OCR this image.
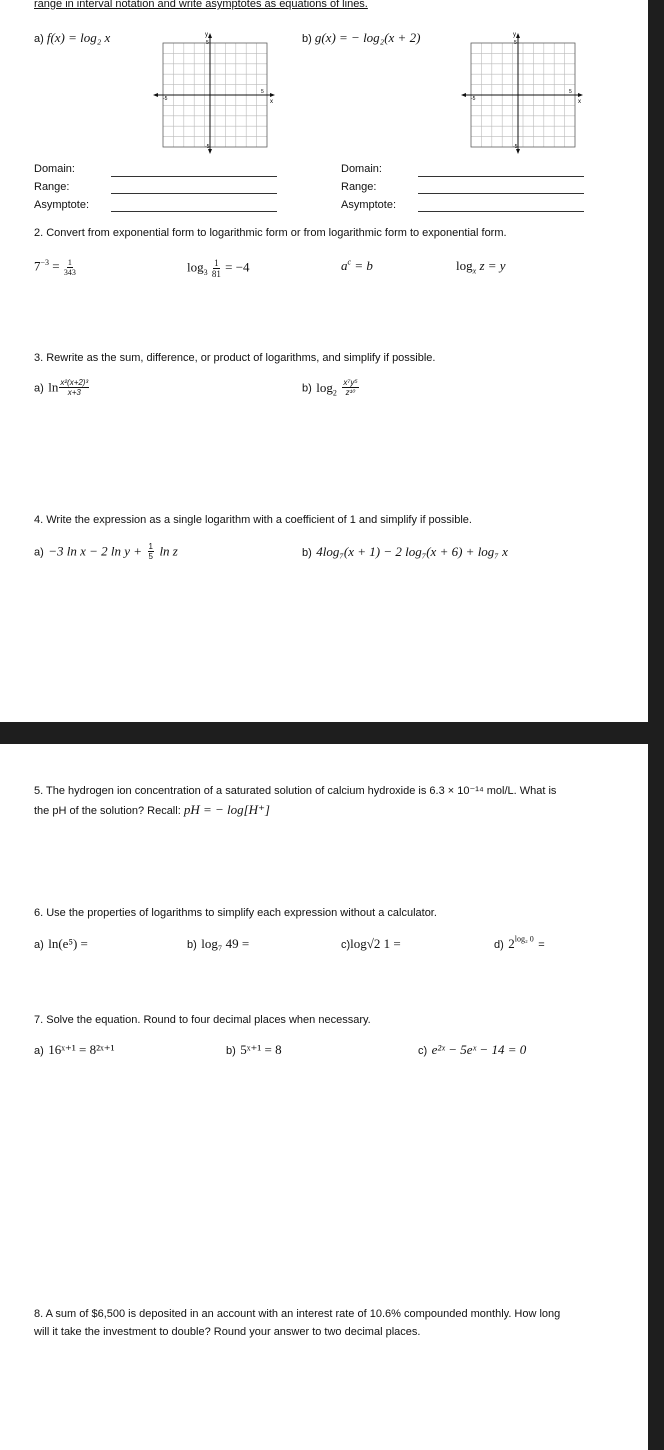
range in interval notation and write asymptotes as equations of lines.
a) f(x) = log₂ x	b) g(x) = − log₂(x + 2)
y
x
5
5
-5
-5
y
x
5
5
-5
-5
Domain:
Range:
Asymptote:
Domain:
Range:
Asymptote:
2. Convert from exponential form to logarithmic form or from logarithmic form to exponential form.
$7^{-3} = \frac{1}{343}$	$\log_3 \frac{1}{81} = -4$	$a^c = b$	$\log_x z = y$
3. Rewrite as the sum, difference, or product of logarithms, and simplify if possible.
a) $\ln \frac{\text{x²(x+2)³}}{x+3}$	b) $\log_2 \frac{\text{x⁷y⁵}}{\text{z¹⁰}}$
4. Write the expression as a single logarithm with a coefficient of 1 and simplify if possible.
a) −3 ln x − 2 $\ln y + \frac{1}{5}$ ln z	b) 4log₇(x + 1) − 2 log₇(x + 6) + log₇ x
5. The hydrogen ion concentration of a saturated solution of calcium hydroxide is 6.3 × 10⁻¹⁴ mol/L. What is
the pH of the solution? Recall: pH = − log[H⁺]
6. Use the properties of logarithms to simplify each expression without a calculator.
a) ln(e⁵) =	b) log₇ 49 =	c)log√2 1 =	d) $2^{log_2 0}$ =
7. Solve the equation. Round to four decimal places when necessary.
a) 16ˣ⁺¹ = 8²ˣ⁺¹	b) 5ˣ⁺¹ = 8	c) e²ˣ − 5eˣ − 14 = 0
8. A sum of $6,500 is deposited in an account with an interest rate of 10.6% compounded monthly. How long
will it take the investment to double? Round your answer to two decimal places.
